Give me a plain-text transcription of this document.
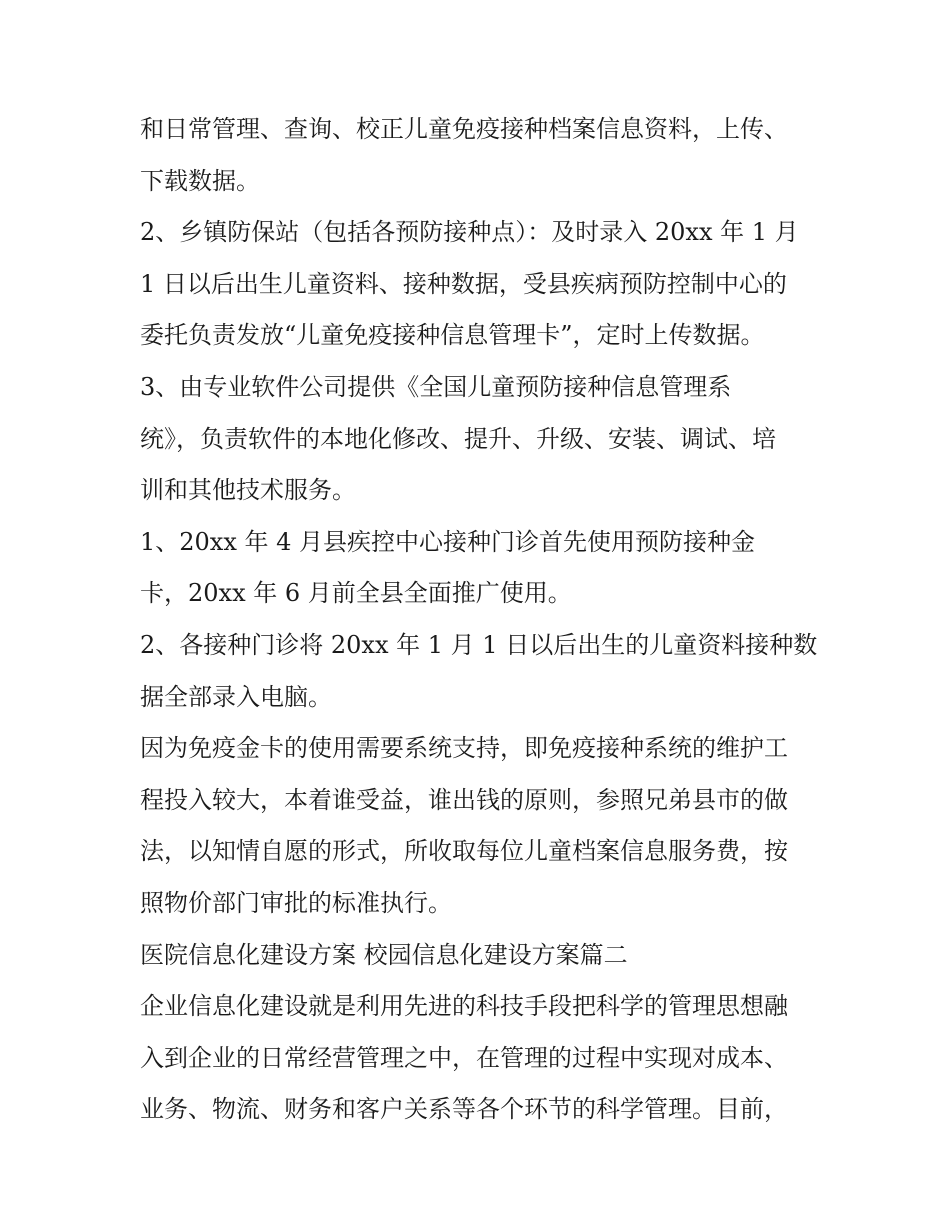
和日常管理、查询、校正儿童免疫接种档案信息资料，上传、
下载数据。
2、乡镇防保站（包括各预防接种点）：及时录入 20xx 年 1 月
1 日以后出生儿童资料、接种数据，受县疾病预防控制中心的
委托负责发放“儿童免疫接种信息管理卡”，定时上传数据。
3、由专业软件公司提供《全国儿童预防接种信息管理系
统》，负责软件的本地化修改、提升、升级、安装、调试、培
训和其他技术服务。
1、20xx 年 4 月县疾控中心接种门诊首先使用预防接种金
卡，20xx 年 6 月前全县全面推广使用。
2、各接种门诊将 20xx 年 1 月 1 日以后出生的儿童资料接种数
据全部录入电脑。
因为免疫金卡的使用需要系统支持，即免疫接种系统的维护工
程投入较大，本着谁受益，谁出钱的原则，参照兄弟县市的做
法，以知情自愿的形式，所收取每位儿童档案信息服务费，按
照物价部门审批的标准执行。
医院信息化建设方案 校园信息化建设方案篇二
企业信息化建设就是利用先进的科技手段把科学的管理思想融
入到企业的日常经营管理之中，在管理的过程中实现对成本、
业务、物流、财务和客户关系等各个环节的科学管理。目前，
